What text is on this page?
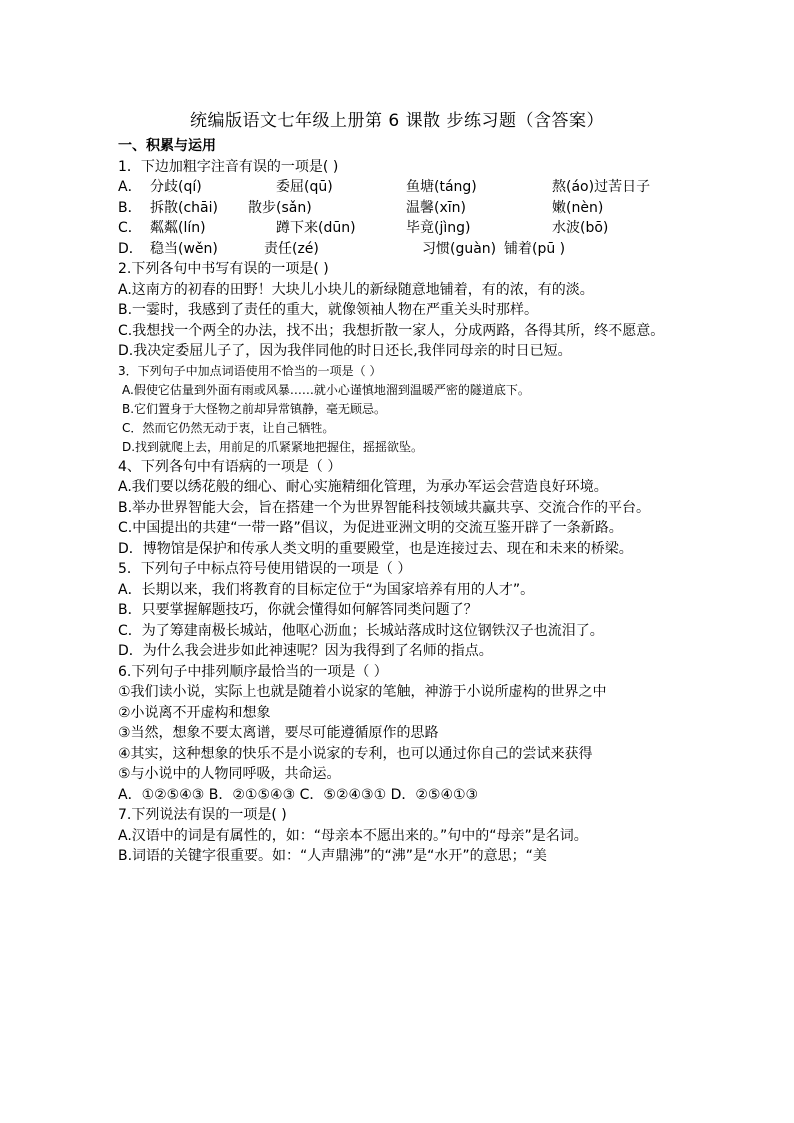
统编版语文七年级上册第 6 课散 步练习题（含答案）
一、积累与运用
1．下边加粗字注音有误的一项是( )
A． 分歧(qí)	委屈(qū)	鱼塘(táng)	熬(áo)过苦日子
B． 拆散(chāi) 散步(sǎn)	温馨(xīn)	嫩(nèn)
C． 粼粼(lín)	蹲下来(dūn)	毕竟(jìng)	水波(bō)
D． 稳当(wěn)	责任(zé)	习惯(guàn) 铺着(pū )
2.下列各句中书写有误的一项是( )
A.这南方的初春的田野！大块儿小块儿的新绿随意地铺着，有的浓，有的淡。
B.一霎时，我感到了责任的重大，就像领袖人物在严重关头时那样。
C.我想找一个两全的办法，找不出；我想折散一家人，分成两路，各得其所，终不愿意。
D.我决定委屈儿子了，因为我伴同他的时日还长,我伴同母亲的时日已短。
3．下列句子中加点词语使用不恰当的一项是（ ）
A.假使它估量到外面有雨或风暴……就小心谨慎地溜到温暖严密的隧道底下。
B.它们置身于大怪物之前却异常镇静，毫无顾忌。
C．然而它仍然无动于衷，让自己牺牲。
D.找到就爬上去，用前足的爪紧紧地把握住，摇摇欲坠。
4、下列各句中有语病的一项是（ ）
A.我们要以绣花般的细心、耐心实施精细化管理，为承办军运会营造良好环境。
B.举办世界智能大会，旨在搭建一个为世界智能科技领域共赢共享、交流合作的平台。
C.中国提出的共建“一带一路”倡议，为促进亚洲文明的交流互鉴开辟了一条新路。
D．博物馆是保护和传承人类文明的重要殿堂，也是连接过去、现在和未来的桥梁。
5．下列句子中标点符号使用错误的一项是（ ）
A．长期以来，我们将教育的目标定位于“为国家培养有用的人才”。
B．只要掌握解题技巧，你就会懂得如何解答同类问题了？
C．为了筹建南极长城站，他呕心沥血；长城站落成时这位钢铁汉子也流泪了。
D．为什么我会进步如此神速呢？因为我得到了名师的指点。
6.下列句子中排列顺序最恰当的一项是（ ）
①我们读小说，实际上也就是随着小说家的笔触，神游于小说所虚构的世界之中
②小说离不开虚构和想象
③当然，想象不要太离谱，要尽可能遵循原作的思路
④其实，这种想象的快乐不是小说家的专利，也可以通过你自己的尝试来获得
⑤与小说中的人物同呼吸，共命运。
A．①②⑤④③ B．②①⑤④③ C．⑤②④③① D．②⑤④①③
7.下列说法有误的一项是( )
A.汉语中的词是有属性的，如：“母亲本不愿出来的。”句中的“母亲”是名词。
B.词语的关键字很重要。如：“人声鼎沸”的“沸”是“水开”的意思；“美
